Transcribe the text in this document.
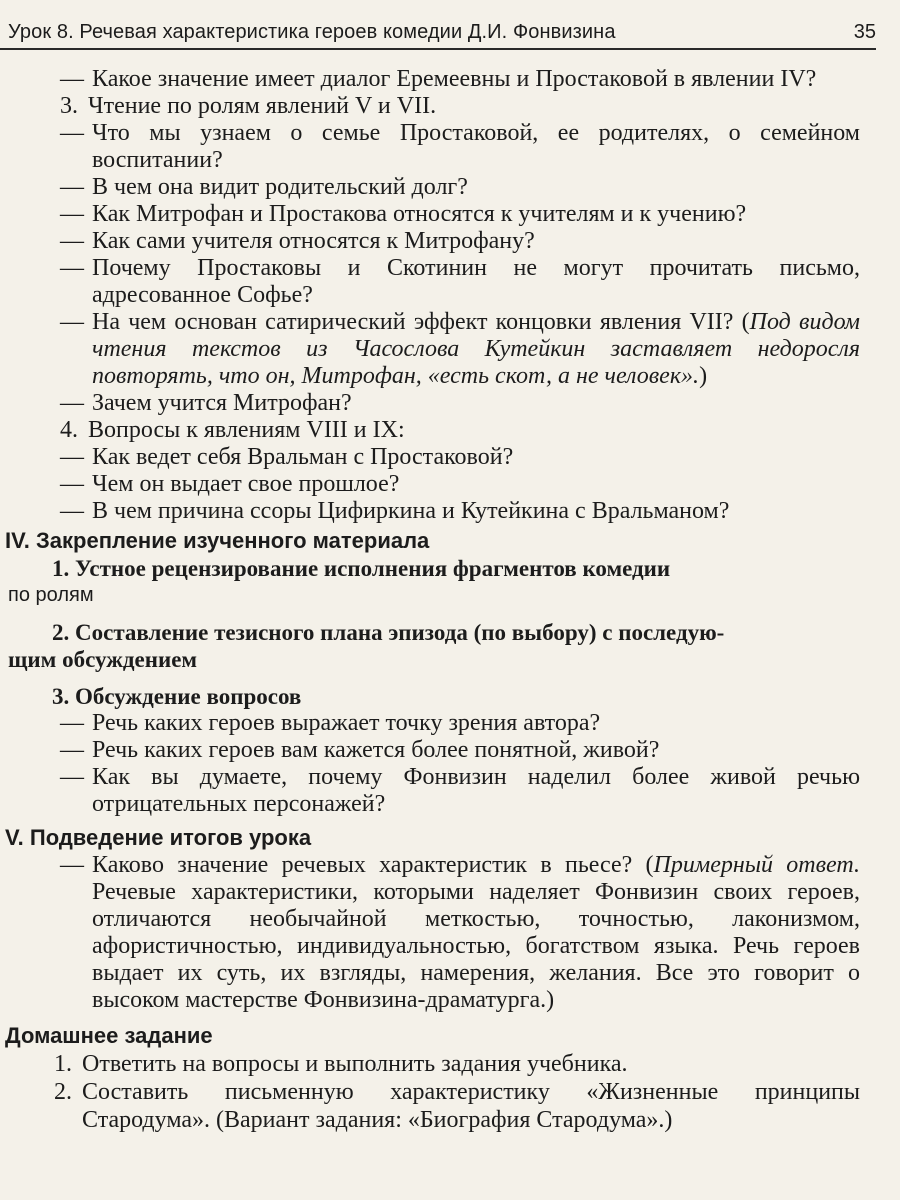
Урок 8. Речевая характеристика героев комедии Д.И. Фонвизина	35
— Какое значение имеет диалог Еремеевны и Простаковой в явлении IV?
3. Чтение по ролям явлений V и VII.
— Что мы узнаем о семье Простаковой, ее родителях, о семейном воспитании?
— В чем она видит родительский долг?
— Как Митрофан и Простакова относятся к учителям и к учению?
— Как сами учителя относятся к Митрофану?
— Почему Простаковы и Скотинин не могут прочитать письмо, адресованное Софье?
— На чем основан сатирический эффект концовки явления VII? (Под видом чтения текстов из Часослова Кутейкин заставляет недоросля повторять, что он, Митрофан, «есть скот, а не человек».)
— Зачем учится Митрофан?
4. Вопросы к явлениям VIII и IX:
— Как ведет себя Вральман с Простаковой?
— Чем он выдает свое прошлое?
— В чем причина ссоры Цифиркина и Кутейкина с Вральманом?
IV. Закрепление изученного материала
1. Устное рецензирование исполнения фрагментов комедии
по ролям
2. Составление тезисного плана эпизода (по выбору) с последую-
щим обсуждением
3. Обсуждение вопросов
— Речь каких героев выражает точку зрения автора?
— Речь каких героев вам кажется более понятной, живой?
— Как вы думаете, почему Фонвизин наделил более живой речью отрицательных персонажей?
V. Подведение итогов урока
— Каково значение речевых характеристик в пьесе? (Примерный ответ. Речевые характеристики, которыми наделяет Фонвизин своих героев, отличаются необычайной меткостью, точностью, лаконизмом, афористичностью, индивидуальностью, богатством языка. Речь героев выдает их суть, их взгляды, намерения, желания. Все это говорит о высоком мастерстве Фонвизина-драматурга.)
Домашнее задание
1. Ответить на вопросы и выполнить задания учебника.
2. Составить письменную характеристику «Жизненные принципы Стародума». (Вариант задания: «Биография Стародума».)
